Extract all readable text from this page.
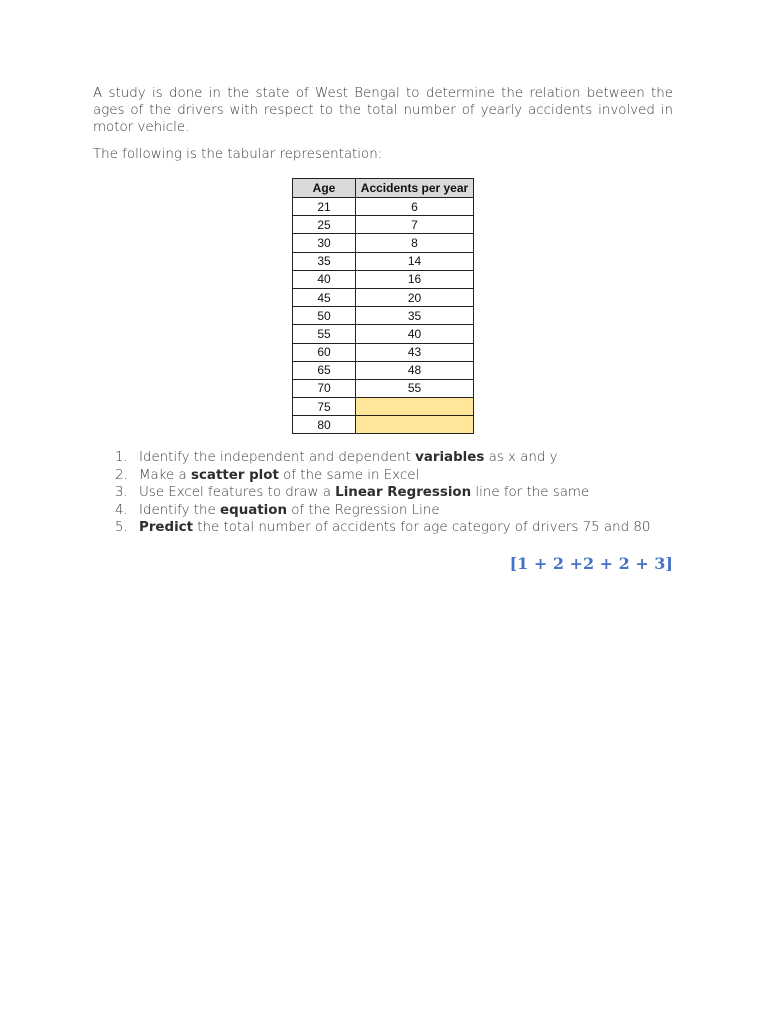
A study is done in the state of West Bengal to determine the relation between the ages of the drivers with respect to the total number of yearly accidents involved in motor vehicle.

The following is the tabular representation:

Age	Accidents per year
21	6
25	7
30	8
35	14
40	16
45	20
50	35
55	40
60	43
65	48
70	55
75	
80	
1. Identify the independent and dependent variables as x and y
2. Make a scatter plot of the same in Excel
3. Use Excel features to draw a Linear Regression line for the same
4. Identify the equation of the Regression Line
5. Predict the total number of accidents for age category of drivers 75 and 80
[1 + 2 +2 + 2 + 3]
